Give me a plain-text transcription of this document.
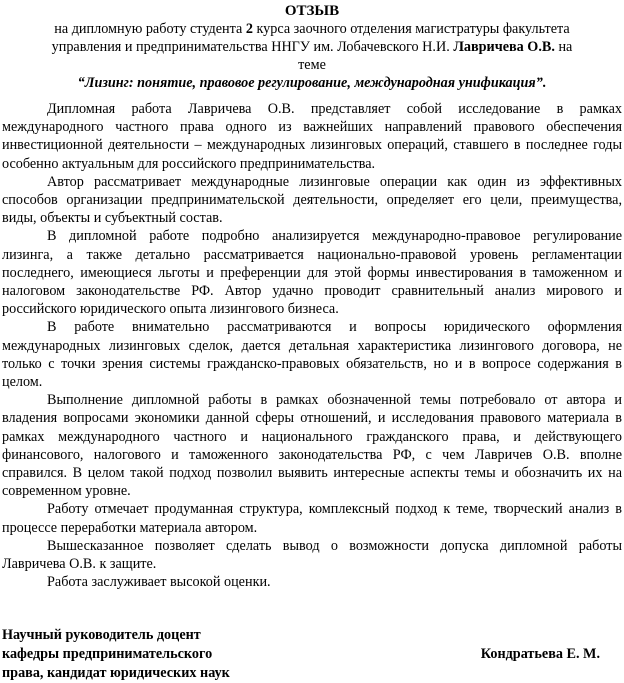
ОТЗЫВ
на дипломную работу студента 2 курса заочного отделения магистратуры факультета
управления и предпринимательства ННГУ им. Лобачевского Н.И. Лавричева О.В. на
теме
“Лизинг: понятие, правовое регулирование, международная унификация”.

Дипломная работа Лавричева О.В. представляет собой исследование в рамках международного частного права одного из важнейших направлений правового обеспечения инвестиционной деятельности – международных лизинговых операций, ставшего в последнее годы особенно актуальным для российского предпринимательства.

Автор рассматривает международные лизинговые операции как один из эффективных способов организации предпринимательской деятельности, определяет его цели, преимущества, виды, объекты и субъектный состав.

В дипломной работе подробно анализируется международно-правовое регулирование лизинга, а также детально рассматривается национально-правовой уровень регламентации последнего, имеющиеся льготы и преференции для этой формы инвестирования в таможенном и налоговом законодательстве РФ. Автор удачно проводит сравнительный анализ мирового и российского юридического опыта лизингового бизнеса.

В работе внимательно рассматриваются и вопросы юридического оформления международных лизинговых сделок, дается детальная характеристика лизингового договора, не только с точки зрения системы гражданско-правовых обязательств, но и в вопросе содержания в целом.

Выполнение дипломной работы в рамках обозначенной темы потребовало от автора и владения вопросами экономики данной сферы отношений, и исследования правового материала в рамках международного частного и национального гражданского права, и действующего финансового, налогового и таможенного законодательства РФ, с чем Лавричев О.В. вполне справился. В целом такой подход позволил выявить интересные аспекты темы и обозначить их на современном уровне.

Работу отмечает продуманная структура, комплексный подход к теме, творческий анализ в процессе переработки материала автором.

Вышесказанное позволяет сделать вывод о возможности допуска дипломной работы Лавричева О.В. к защите.

Работа заслуживает высокой оценки.

Научный руководитель доцент
кафедры предпринимательского
права, кандидат юридических наук
Кондратьева Е. М.
